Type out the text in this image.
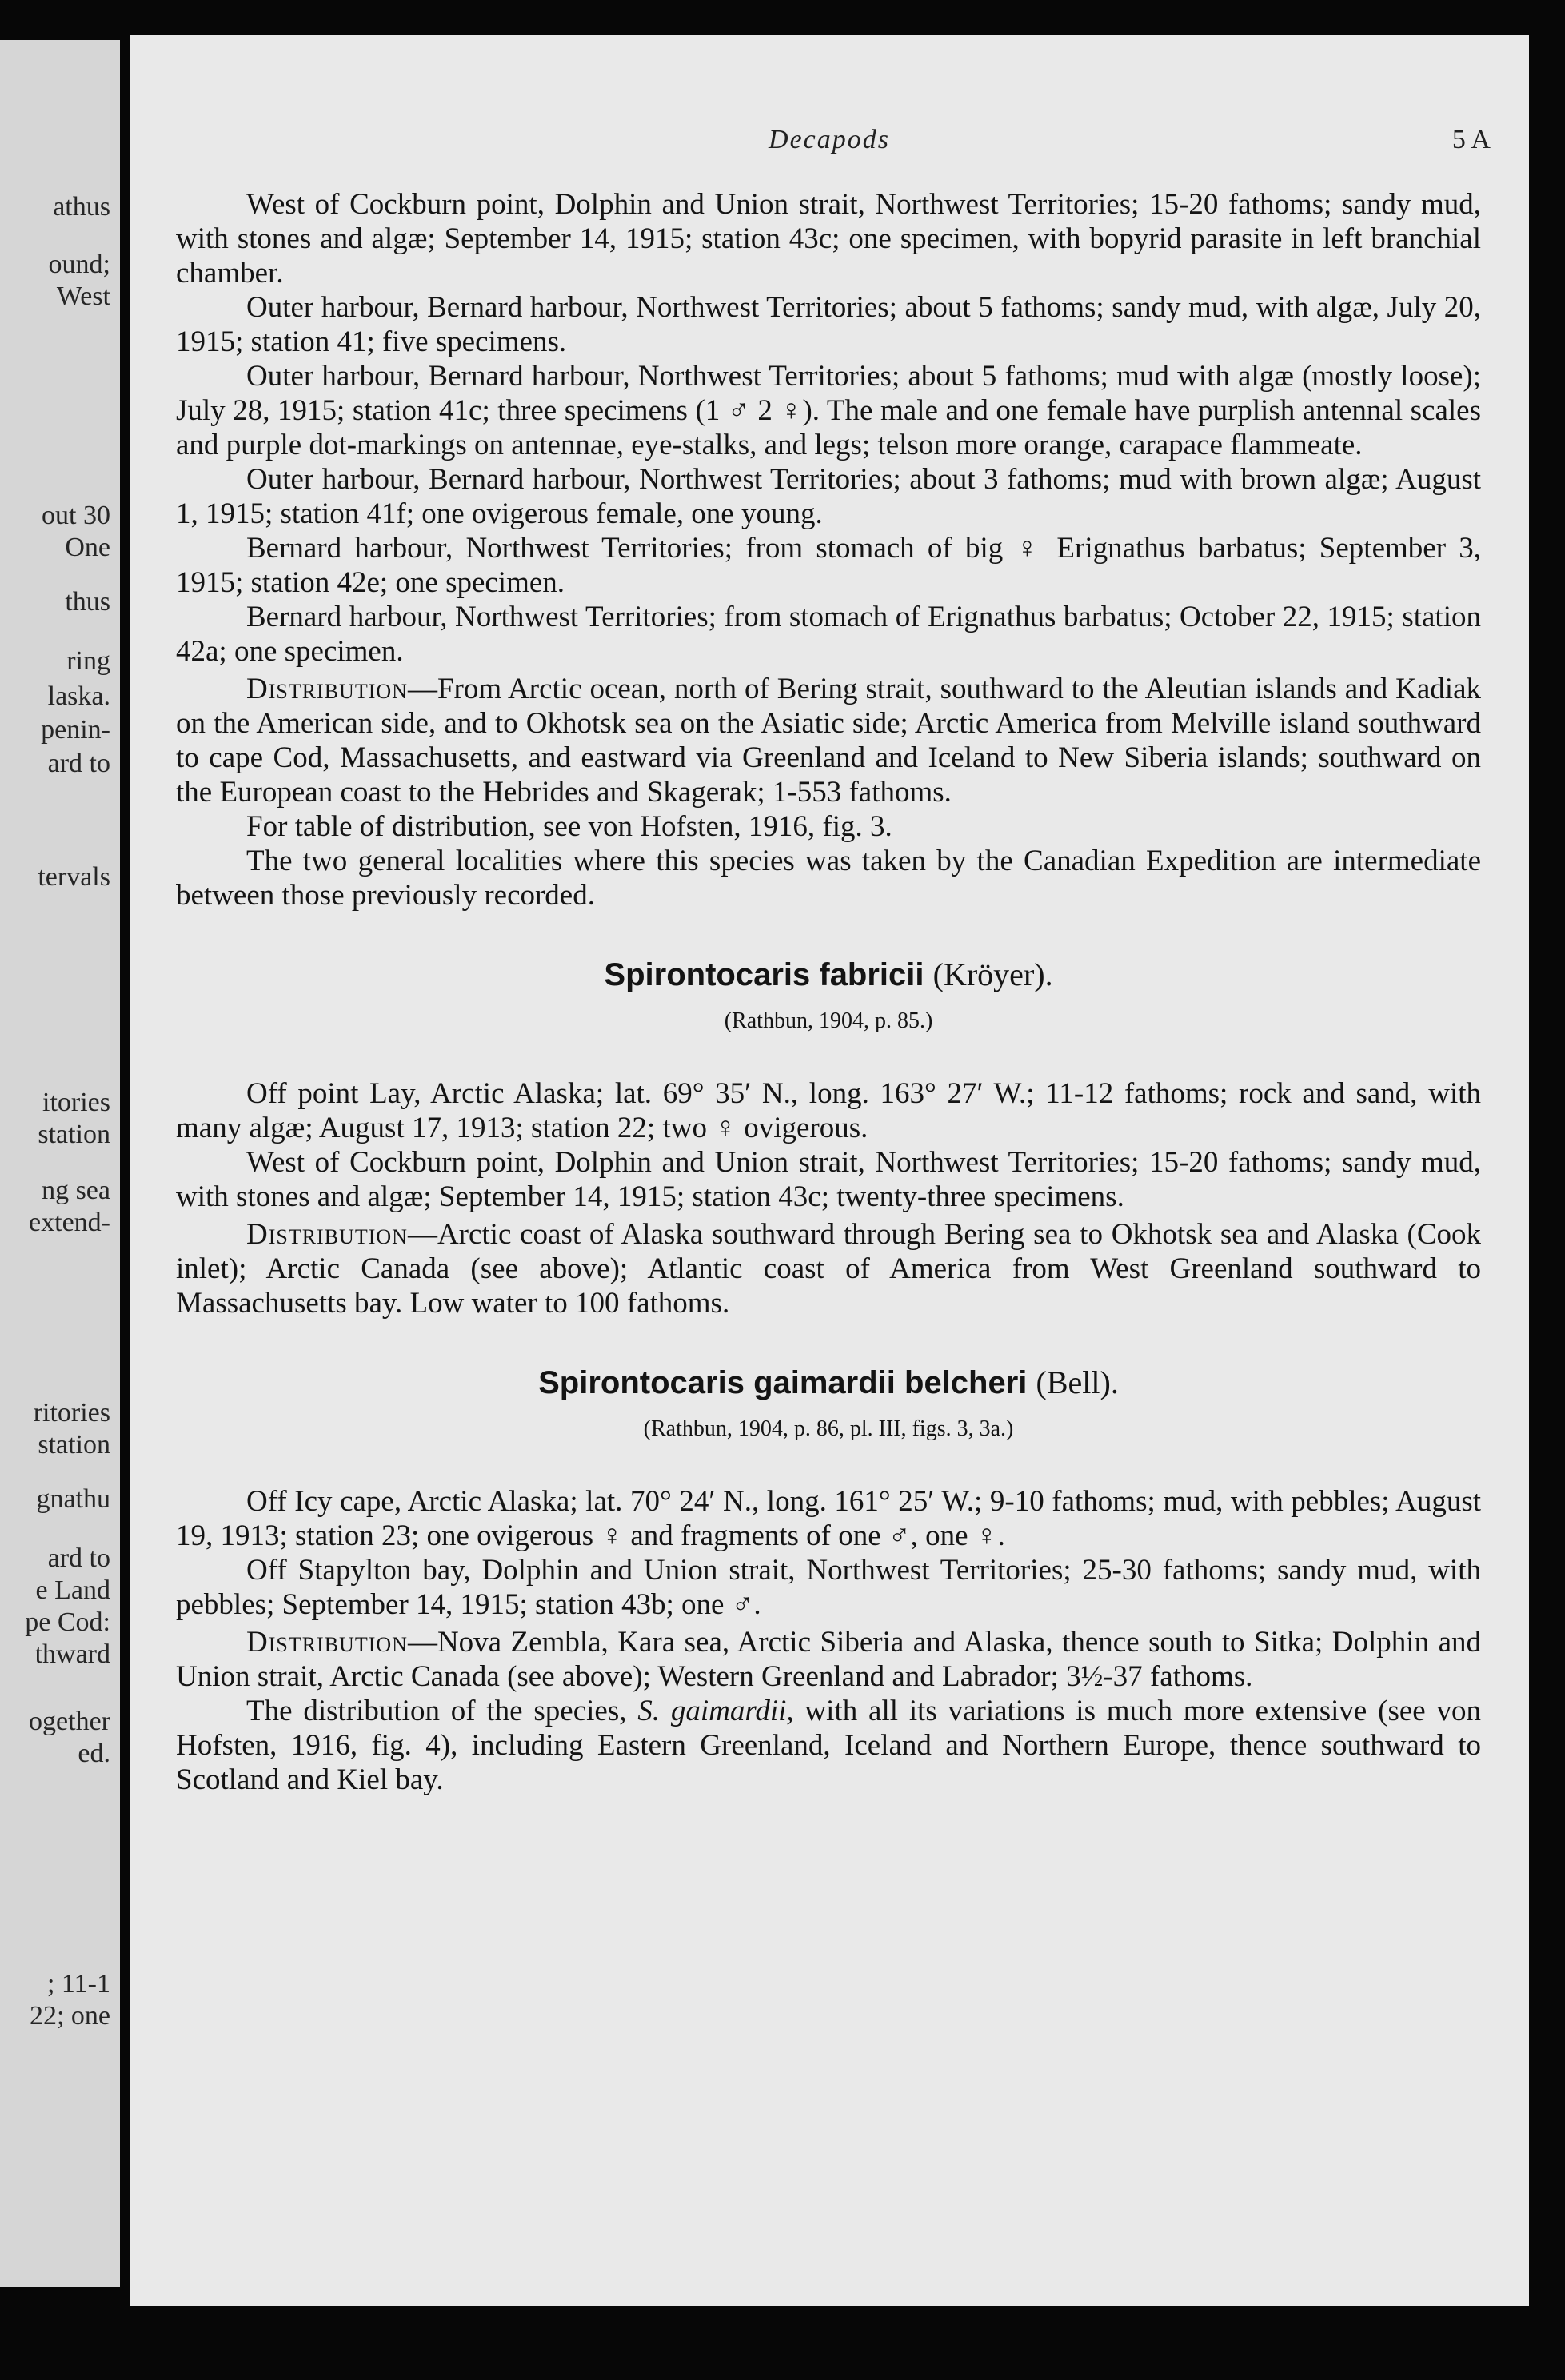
athus
ound;
West
out 30
One
thus
ring
laska.
penin-
ard to
tervals
itories
station
ng sea
extend-
ritories
station
gnathu
ard to
e Land
pe Cod:
thward
ogether
ed.
; 11-1
22; one
Decapods	5 A

West of Cockburn point, Dolphin and Union strait, Northwest Territories; 15-20 fathoms; sandy mud, with stones and algæ; September 14, 1915; station 43c; one specimen, with bopyrid parasite in left branchial chamber.

Outer harbour, Bernard harbour, Northwest Territories; about 5 fathoms; sandy mud, with algæ, July 20, 1915; station 41; five specimens.

Outer harbour, Bernard harbour, Northwest Territories; about 5 fathoms; mud with algæ (mostly loose); July 28, 1915; station 41c; three specimens (1 ♂ 2 ♀). The male and one female have purplish antennal scales and purple dot-markings on antennae, eye-stalks, and legs; telson more orange, carapace flammeate.

Outer harbour, Bernard harbour, Northwest Territories; about 3 fathoms; mud with brown algæ; August 1, 1915; station 41f; one ovigerous female, one young.

Bernard harbour, Northwest Territories; from stomach of big ♀ Erignathus barbatus; September 3, 1915; station 42e; one specimen.

Bernard harbour, Northwest Territories; from stomach of Erignathus barbatus; October 22, 1915; station 42a; one specimen.

Distribution—From Arctic ocean, north of Bering strait, southward to the Aleutian islands and Kadiak on the American side, and to Okhotsk sea on the Asiatic side; Arctic America from Melville island southward to cape Cod, Massachusetts, and eastward via Greenland and Iceland to New Siberia islands; southward on the European coast to the Hebrides and Skagerak; 1-553 fathoms.

For table of distribution, see von Hofsten, 1916, fig. 3.

The two general localities where this species was taken by the Canadian Expedition are intermediate between those previously recorded.

Spirontocaris fabricii (Kröyer).

(Rathbun, 1904, p. 85.)

Off point Lay, Arctic Alaska; lat. 69° 35′ N., long. 163° 27′ W.; 11-12 fathoms; rock and sand, with many algæ; August 17, 1913; station 22; two ♀ ovigerous.

West of Cockburn point, Dolphin and Union strait, Northwest Territories; 15-20 fathoms; sandy mud, with stones and algæ; September 14, 1915; station 43c; twenty-three specimens.

Distribution—Arctic coast of Alaska southward through Bering sea to Okhotsk sea and Alaska (Cook inlet); Arctic Canada (see above); Atlantic coast of America from West Greenland southward to Massachusetts bay. Low water to 100 fathoms.

Spirontocaris gaimardii belcheri (Bell).

(Rathbun, 1904, p. 86, pl. III, figs. 3, 3a.)

Off Icy cape, Arctic Alaska; lat. 70° 24′ N., long. 161° 25′ W.; 9-10 fathoms; mud, with pebbles; August 19, 1913; station 23; one ovigerous ♀ and fragments of one ♂, one ♀.

Off Stapylton bay, Dolphin and Union strait, Northwest Territories; 25-30 fathoms; sandy mud, with pebbles; September 14, 1915; station 43b; one ♂.

Distribution—Nova Zembla, Kara sea, Arctic Siberia and Alaska, thence south to Sitka; Dolphin and Union strait, Arctic Canada (see above); Western Greenland and Labrador; 3½-37 fathoms.

The distribution of the species, S. gaimardii, with all its variations is much more extensive (see von Hofsten, 1916, fig. 4), including Eastern Greenland, Iceland and Northern Europe, thence southward to Scotland and Kiel bay.
